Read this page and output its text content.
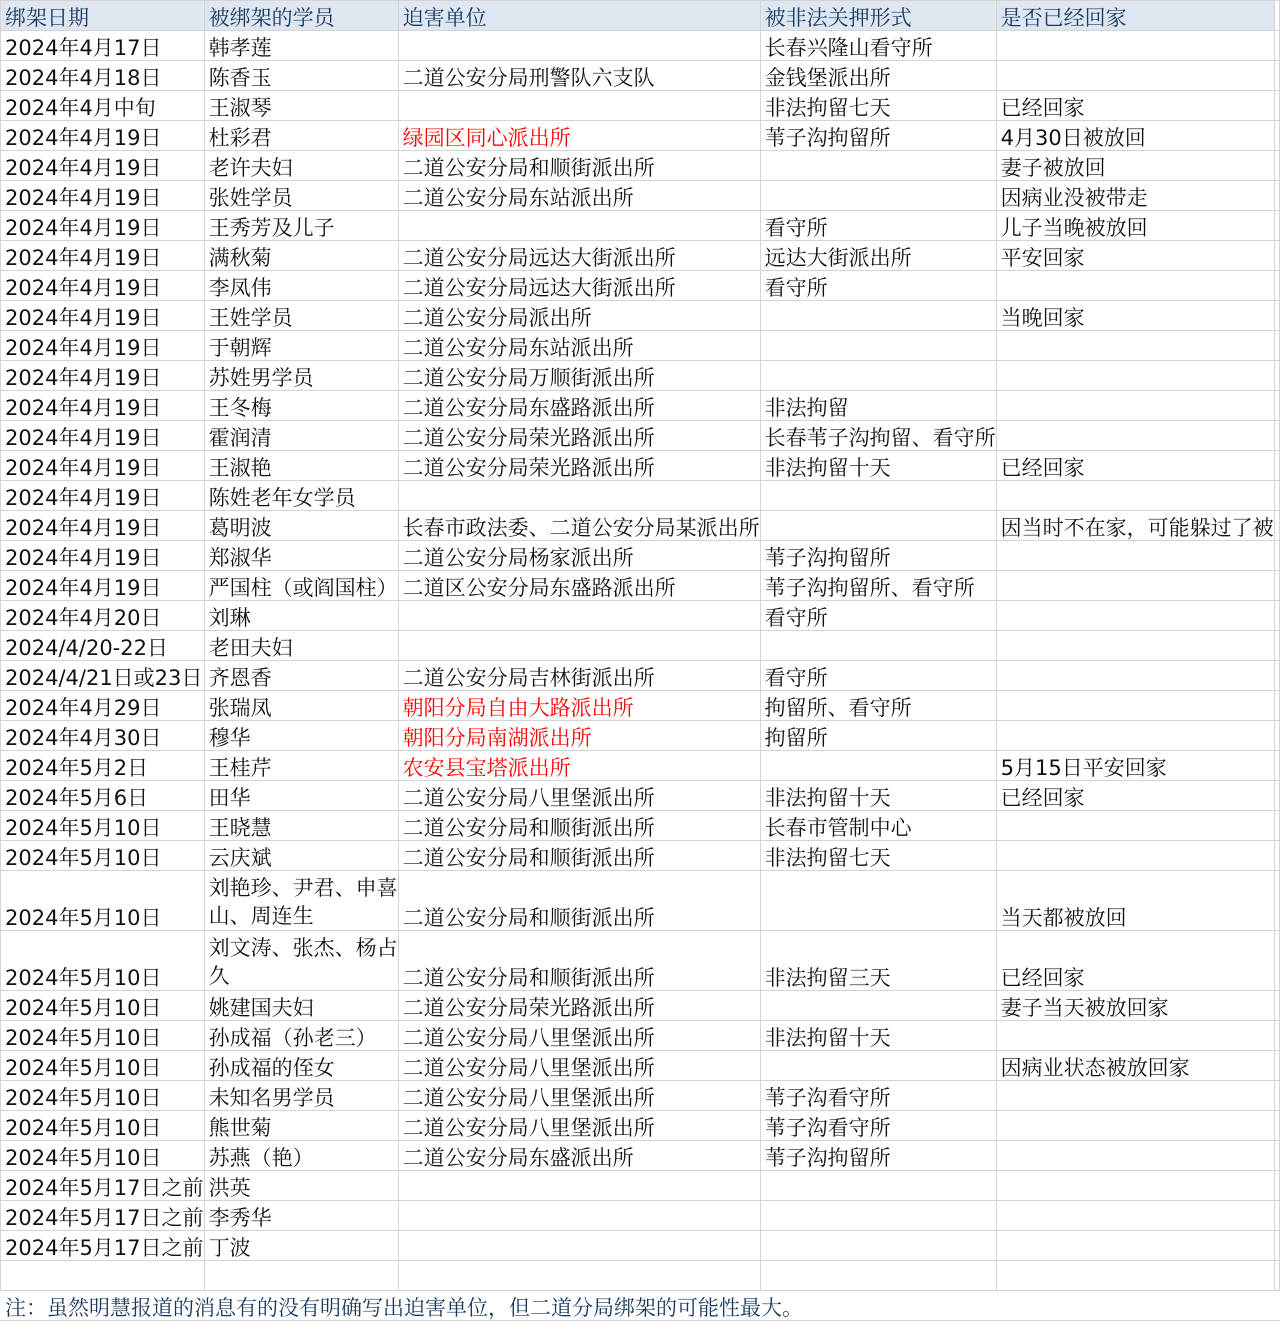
绑架日期	被绑架的学员	迫害单位	被非法关押形式	是否已经回家	
2024年4月17日	韩孝莲		长春兴隆山看守所		
2024年4月18日	陈香玉	二道公安分局刑警队六支队	金钱堡派出所		
2024年4月中旬	王淑琴		非法拘留七天	已经回家	
2024年4月19日	杜彩君	绿园区同心派出所	苇子沟拘留所	4月30日被放回	
2024年4月19日	老许夫妇	二道公安分局和顺街派出所		妻子被放回	
2024年4月19日	张姓学员	二道公安分局东站派出所		因病业没被带走	
2024年4月19日	王秀芳及儿子		看守所	儿子当晚被放回	
2024年4月19日	满秋菊	二道公安分局远达大街派出所	远达大街派出所	平安回家	
2024年4月19日	李凤伟	二道公安分局远达大街派出所	看守所		
2024年4月19日	王姓学员	二道公安分局派出所		当晚回家	
2024年4月19日	于朝辉	二道公安分局东站派出所			
2024年4月19日	苏姓男学员	二道公安分局万顺街派出所			
2024年4月19日	王冬梅	二道公安分局东盛路派出所	非法拘留		
2024年4月19日	霍润清	二道公安分局荣光路派出所	长春苇子沟拘留、看守所		
2024年4月19日	王淑艳	二道公安分局荣光路派出所	非法拘留十天	已经回家	
2024年4月19日	陈姓老年女学员				
2024年4月19日	葛明波	长春市政法委、二道公安分局某派出所		因当时不在家，可能躲过了被	
2024年4月19日	郑淑华	二道公安分局杨家派出所	苇子沟拘留所		
2024年4月19日	严国柱（或阎国柱）	二道区公安分局东盛路派出所	苇子沟拘留所、看守所		
2024年4月20日	刘琳		看守所		
2024/4/20-22日	老田夫妇				
2024/4/21日或23日	齐恩香	二道公安分局吉林街派出所	看守所		
2024年4月29日	张瑞凤	朝阳分局自由大路派出所	拘留所、看守所		
2024年4月30日	穆华	朝阳分局南湖派出所	拘留所		
2024年5月2日	王桂芹	农安县宝塔派出所		5月15日平安回家	
2024年5月6日	田华	二道公安分局八里堡派出所	非法拘留十天	已经回家	
2024年5月10日	王晓慧	二道公安分局和顺街派出所	长春市管制中心		
2024年5月10日	云庆斌	二道公安分局和顺街派出所	非法拘留七天		
2024年5月10日	刘艳珍、尹君、申喜山、周连生	二道公安分局和顺街派出所		当天都被放回	
2024年5月10日	刘文涛、张杰、杨占久	二道公安分局和顺街派出所	非法拘留三天	已经回家	
2024年5月10日	姚建国夫妇	二道公安分局荣光路派出所		妻子当天被放回家	
2024年5月10日	孙成福（孙老三）	二道公安分局八里堡派出所	非法拘留十天		
2024年5月10日	孙成福的侄女	二道公安分局八里堡派出所		因病业状态被放回家	
2024年5月10日	未知名男学员	二道公安分局八里堡派出所	苇子沟看守所		
2024年5月10日	熊世菊	二道公安分局八里堡派出所	苇子沟看守所		
2024年5月10日	苏燕（艳）	二道公安分局东盛派出所	苇子沟拘留所		
2024年5月17日之前	洪英				
2024年5月17日之前	李秀华				
2024年5月17日之前	丁波				

注：虽然明慧报道的消息有的没有明确写出迫害单位，但二道分局绑架的可能性最大。					
